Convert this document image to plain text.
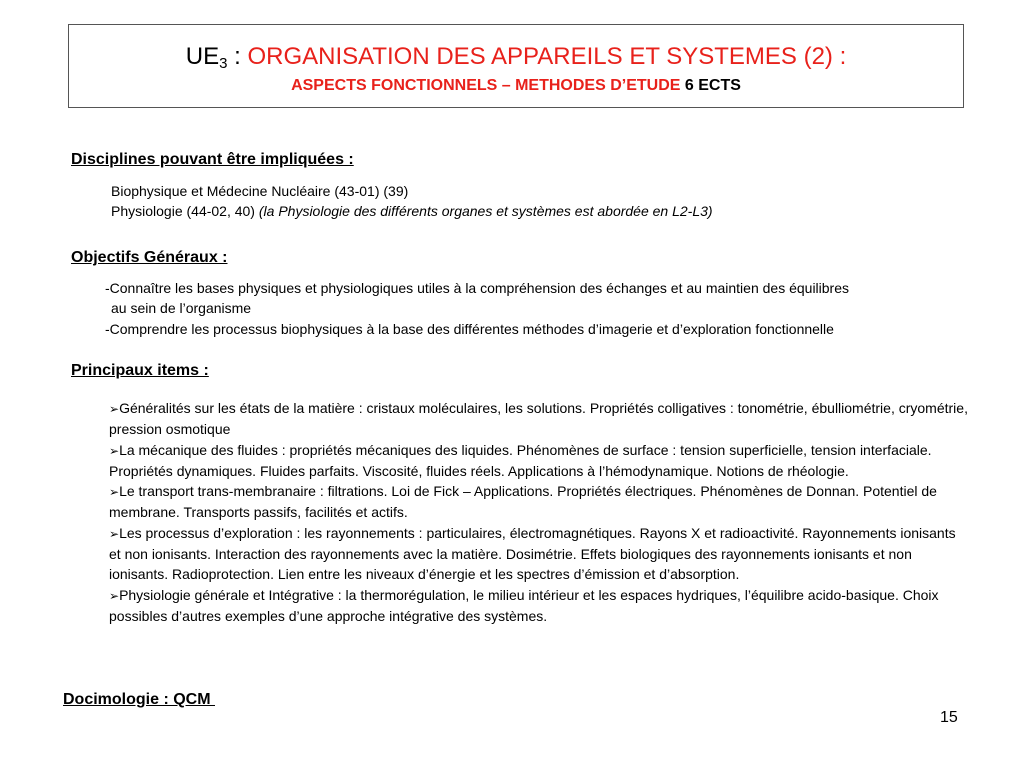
$UE_3$ : ORGANISATION DES APPAREILS ET SYSTEMES (2) :
ASPECTS FONCTIONNELS – METHODES D’ETUDE 6 ECTS
Disciplines pouvant être impliquées :
Biophysique et Médecine Nucléaire (43-01) (39)
Physiologie (44-02, 40) (la Physiologie des différents organes et systèmes est abordée en L2-L3)
Objectifs Généraux :
-Connaître les bases physiques et physiologiques utiles à la compréhension des échanges et au maintien des équilibres
au sein de l’organisme
-Comprendre les processus biophysiques à la base des différentes méthodes d’imagerie et d’exploration fonctionnelle
Principaux items :
➢Généralités sur les états de la matière : cristaux moléculaires, les solutions. Propriétés colligatives : tonométrie, ébulliométrie, cryométrie, pression osmotique
➢La mécanique des fluides : propriétés mécaniques des liquides. Phénomènes de surface : tension superficielle, tension interfaciale. Propriétés dynamiques. Fluides parfaits. Viscosité, fluides réels. Applications à l’hémodynamique. Notions de rhéologie.
➢Le transport trans-membranaire : filtrations. Loi de Fick – Applications. Propriétés électriques. Phénomènes de Donnan. Potentiel de membrane. Transports passifs, facilités et actifs.
➢Les processus d’exploration : les rayonnements : particulaires, électromagnétiques. Rayons X et radioactivité. Rayonnements ionisants et non ionisants. Interaction des rayonnements avec la matière. Dosimétrie. Effets biologiques des rayonnements ionisants et non ionisants. Radioprotection. Lien entre les niveaux d’énergie et les spectres d’émission et d’absorption.
➢Physiologie générale et Intégrative : la thermorégulation, le milieu intérieur et les espaces hydriques, l’équilibre acido-basique. Choix possibles d’autres exemples d’une approche intégrative des systèmes.
Docimologie : QCM
15
